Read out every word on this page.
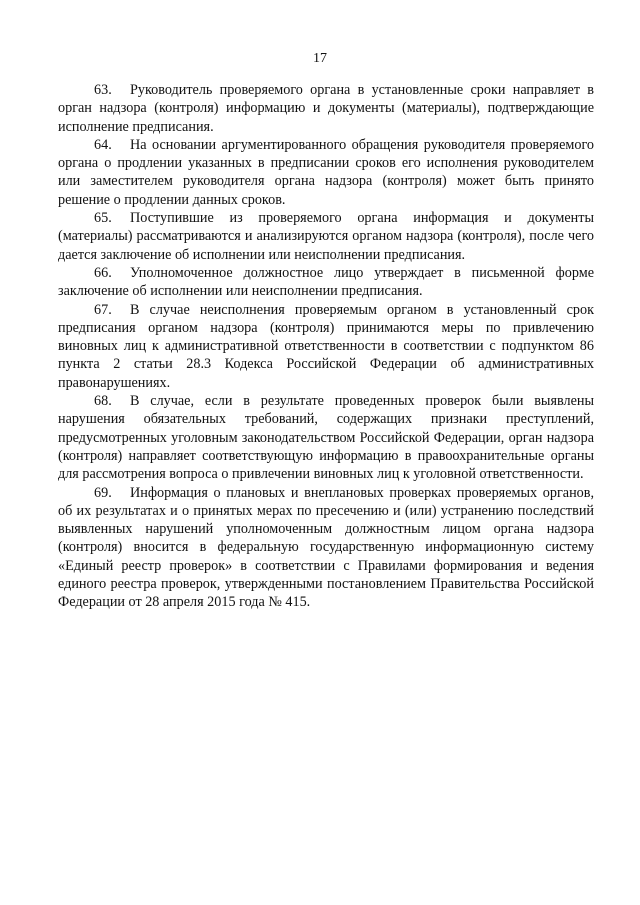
17

63. Руководитель проверяемого органа в установленные сроки направляет в орган надзора (контроля) информацию и документы (материалы), подтверждающие исполнение предписания.

64. На основании аргументированного обращения руководителя проверяемого органа о продлении указанных в предписании сроков его исполнения руководителем или заместителем руководителя органа надзора (контроля) может быть принято решение о продлении данных сроков.

65. Поступившие из проверяемого органа информация и документы (материалы) рассматриваются и анализируются органом надзора (контроля), после чего дается заключение об исполнении или неисполнении предписания.

66. Уполномоченное должностное лицо утверждает в письменной форме заключение об исполнении или неисполнении предписания.

67. В случае неисполнения проверяемым органом в установленный срок предписания органом надзора (контроля) принимаются меры по привлечению виновных лиц к административной ответственности в соответствии с подпунктом 86 пункта 2 статьи 28.3 Кодекса Российской Федерации об административных правонарушениях.

68. В случае, если в результате проведенных проверок были выявлены нарушения обязательных требований, содержащих признаки преступлений, предусмотренных уголовным законодательством Российской Федерации, орган надзора (контроля) направляет соответствующую информацию в правоохранительные органы для рассмотрения вопроса о привлечении виновных лиц к уголовной ответственности.

69. Информация о плановых и внеплановых проверках проверяемых органов, об их результатах и о принятых мерах по пресечению и (или) устранению последствий выявленных нарушений уполномоченным должностным лицом органа надзора (контроля) вносится в федеральную государственную информационную систему «Единый реестр проверок» в соответствии с Правилами формирования и ведения единого реестра проверок, утвержденными постановлением Правительства Российской Федерации от 28 апреля 2015 года № 415.
